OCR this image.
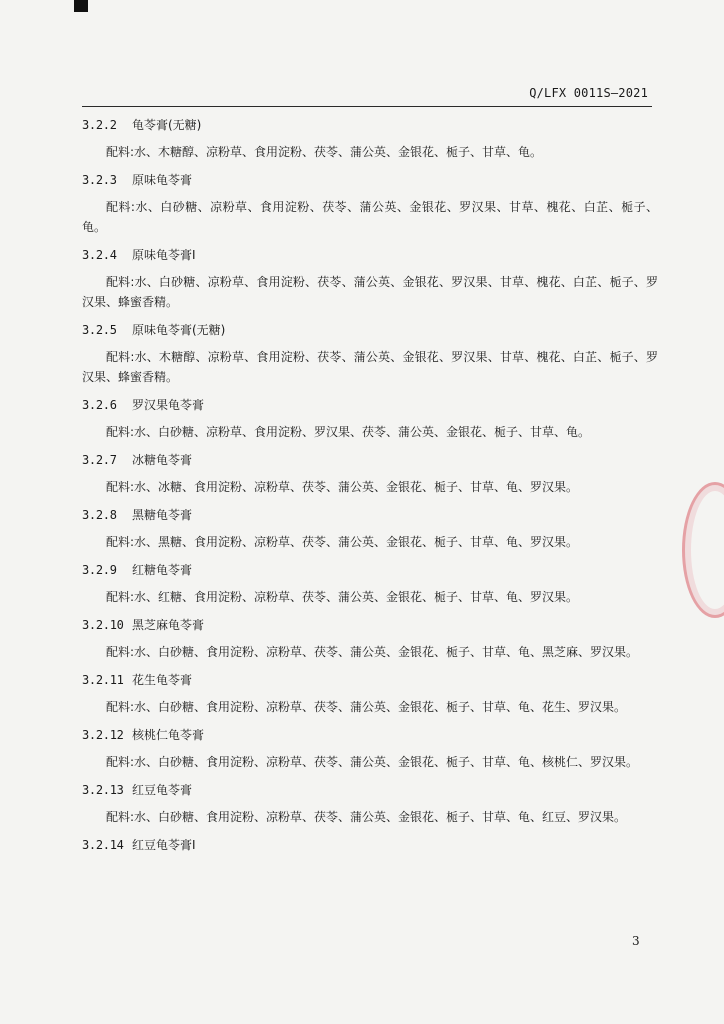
Q/LFX 0011S—2021
3.2.2	龟苓膏(无糖)
配料:水、木糖醇、凉粉草、食用淀粉、茯苓、蒲公英、金银花、栀子、甘草、龟。
3.2.3	原味龟苓膏
配料:水、白砂糖、凉粉草、食用淀粉、茯苓、蒲公英、金银花、罗汉果、甘草、槐花、白芷、栀子、龟。
3.2.4	原味龟苓膏Ⅰ
配料:水、白砂糖、凉粉草、食用淀粉、茯苓、蒲公英、金银花、罗汉果、甘草、槐花、白芷、栀子、罗汉果、蜂蜜香精。
3.2.5	原味龟苓膏(无糖)
配料:水、木糖醇、凉粉草、食用淀粉、茯苓、蒲公英、金银花、罗汉果、甘草、槐花、白芷、栀子、罗汉果、蜂蜜香精。
3.2.6	罗汉果龟苓膏
配料:水、白砂糖、凉粉草、食用淀粉、罗汉果、茯苓、蒲公英、金银花、栀子、甘草、龟。
3.2.7	冰糖龟苓膏
配料:水、冰糖、食用淀粉、凉粉草、茯苓、蒲公英、金银花、栀子、甘草、龟、罗汉果。
3.2.8	黑糖龟苓膏
配料:水、黑糖、食用淀粉、凉粉草、茯苓、蒲公英、金银花、栀子、甘草、龟、罗汉果。
3.2.9	红糖龟苓膏
配料:水、红糖、食用淀粉、凉粉草、茯苓、蒲公英、金银花、栀子、甘草、龟、罗汉果。
3.2.10 黑芝麻龟苓膏
配料:水、白砂糖、食用淀粉、凉粉草、茯苓、蒲公英、金银花、栀子、甘草、龟、黑芝麻、罗汉果。
3.2.11 花生龟苓膏
配料:水、白砂糖、食用淀粉、凉粉草、茯苓、蒲公英、金银花、栀子、甘草、龟、花生、罗汉果。
3.2.12 核桃仁龟苓膏
配料:水、白砂糖、食用淀粉、凉粉草、茯苓、蒲公英、金银花、栀子、甘草、龟、核桃仁、罗汉果。
3.2.13 红豆龟苓膏
配料:水、白砂糖、食用淀粉、凉粉草、茯苓、蒲公英、金银花、栀子、甘草、龟、红豆、罗汉果。
3.2.14 红豆龟苓膏Ⅰ
3
